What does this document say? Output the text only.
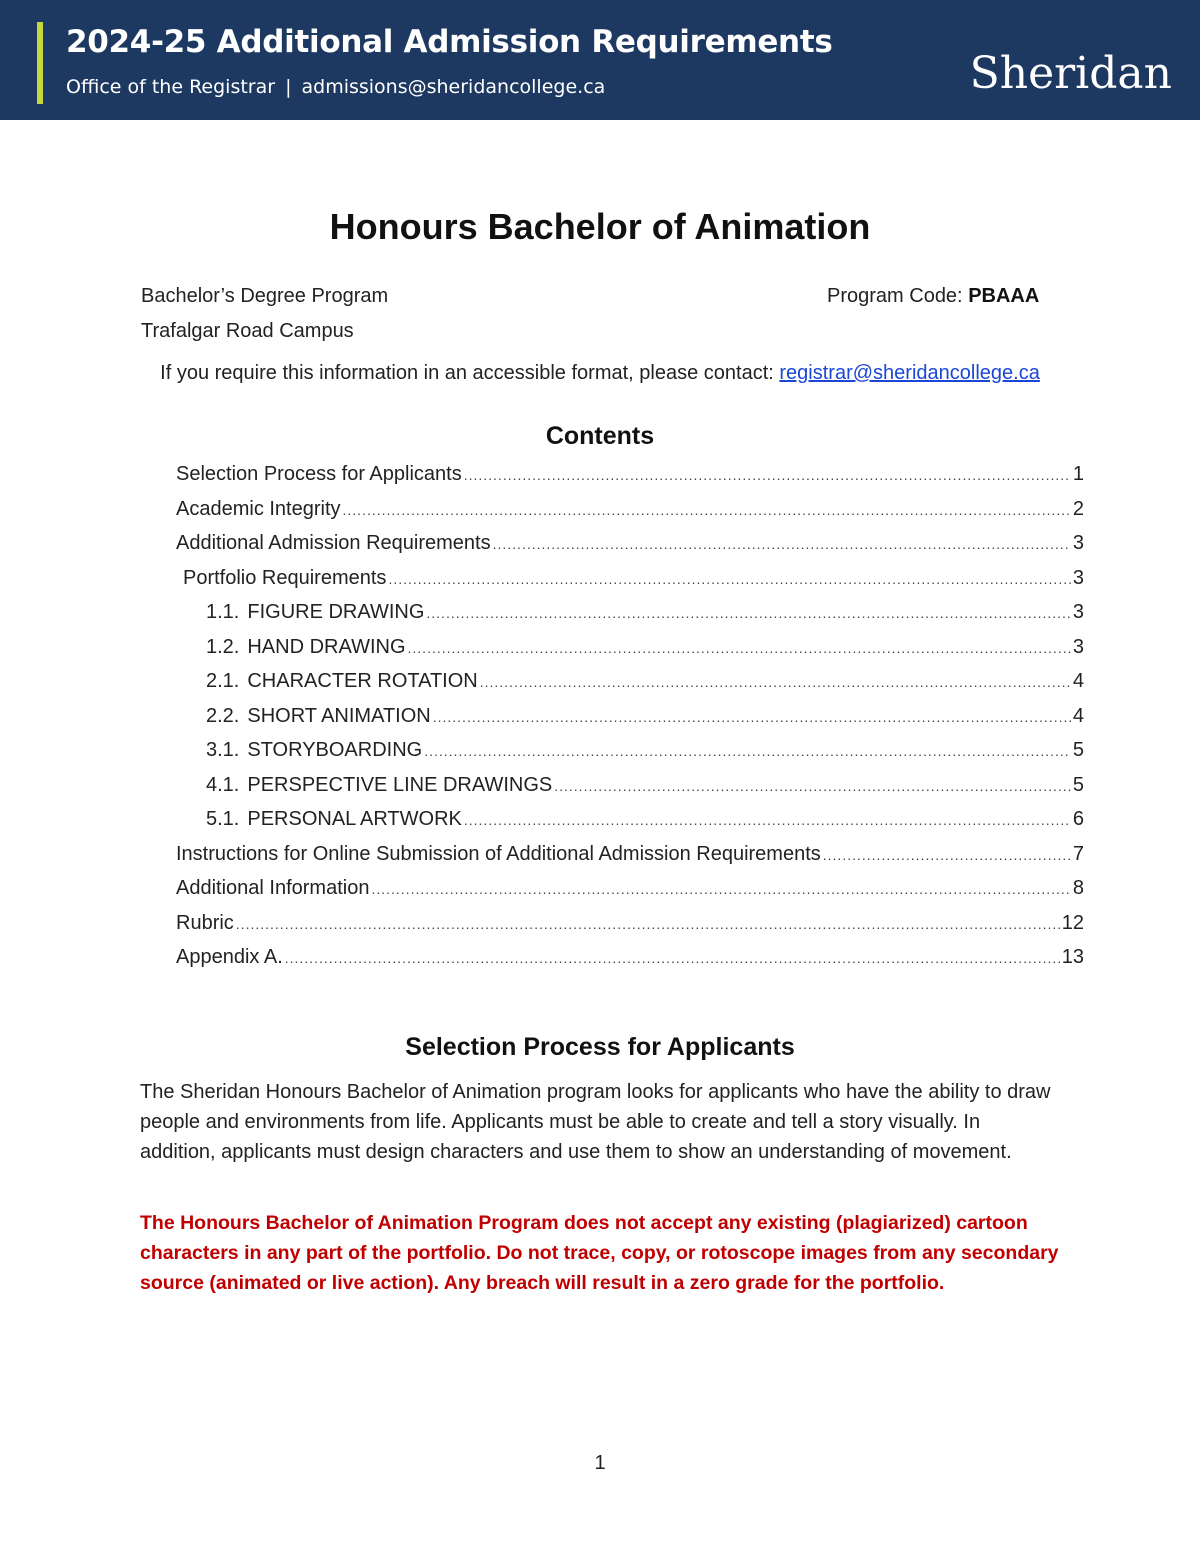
2024-25 Additional Admission Requirements
Office of the Registrar | admissions@sheridancollege.ca	Sheridan
Honours Bachelor of Animation
Bachelor’s Degree Program	Program Code: PBAAA
Trafalgar Road Campus
If you require this information in an accessible format, please contact: registrar@sheridancollege.ca
Contents
Selection Process for Applicants .....	1
Academic Integrity .....	2
Additional Admission Requirements .....	3
Portfolio Requirements .....	3
1.1. FIGURE DRAWING .....	3
1.2. HAND DRAWING .....	3
2.1. CHARACTER ROTATION .....	4
2.2. SHORT ANIMATION .....	4
3.1. STORYBOARDING .....	5
4.1. PERSPECTIVE LINE DRAWINGS .....	5
5.1. PERSONAL ARTWORK .....	6
Instructions for Online Submission of Additional Admission Requirements .....	7
Additional Information .....	8
Rubric .....	12
Appendix A. .....	13
Selection Process for Applicants
The Sheridan Honours Bachelor of Animation program looks for applicants who have the ability to draw people and environments from life. Applicants must be able to create and tell a story visually. In addition, applicants must design characters and use them to show an understanding of movement.
The Honours Bachelor of Animation Program does not accept any existing (plagiarized) cartoon characters in any part of the portfolio. Do not trace, copy, or rotoscope images from any secondary source (animated or live action). Any breach will result in a zero grade for the portfolio.
1
